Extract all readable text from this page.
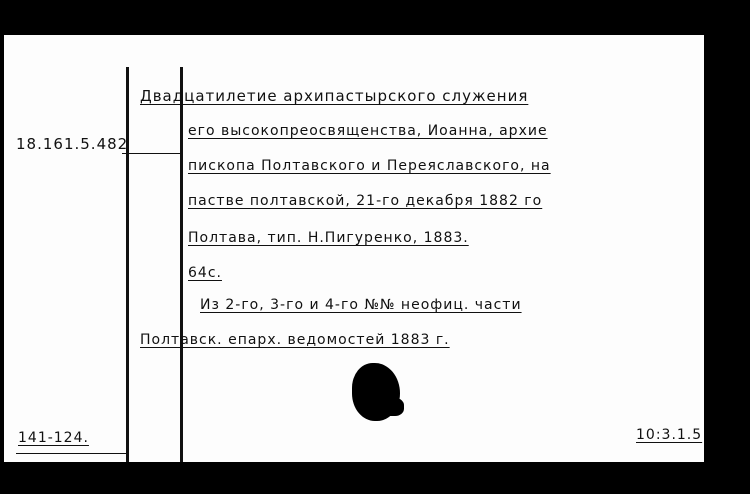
Двадцатилетие архипастырского служения
18.161.5.482
его высокопреосвященства, Иоанна, архие
пископа Полтавского и Переяславского, на
пастве полтавской, 21-го декабря 1882 го
Полтава, тип. Н.Пигуренко, 1883.
64с.
Из 2-го, 3-го и 4-го №№ неофиц. части
Полтавск. епарх. ведомостей 1883 г.
141-124.	10:3.1.5
